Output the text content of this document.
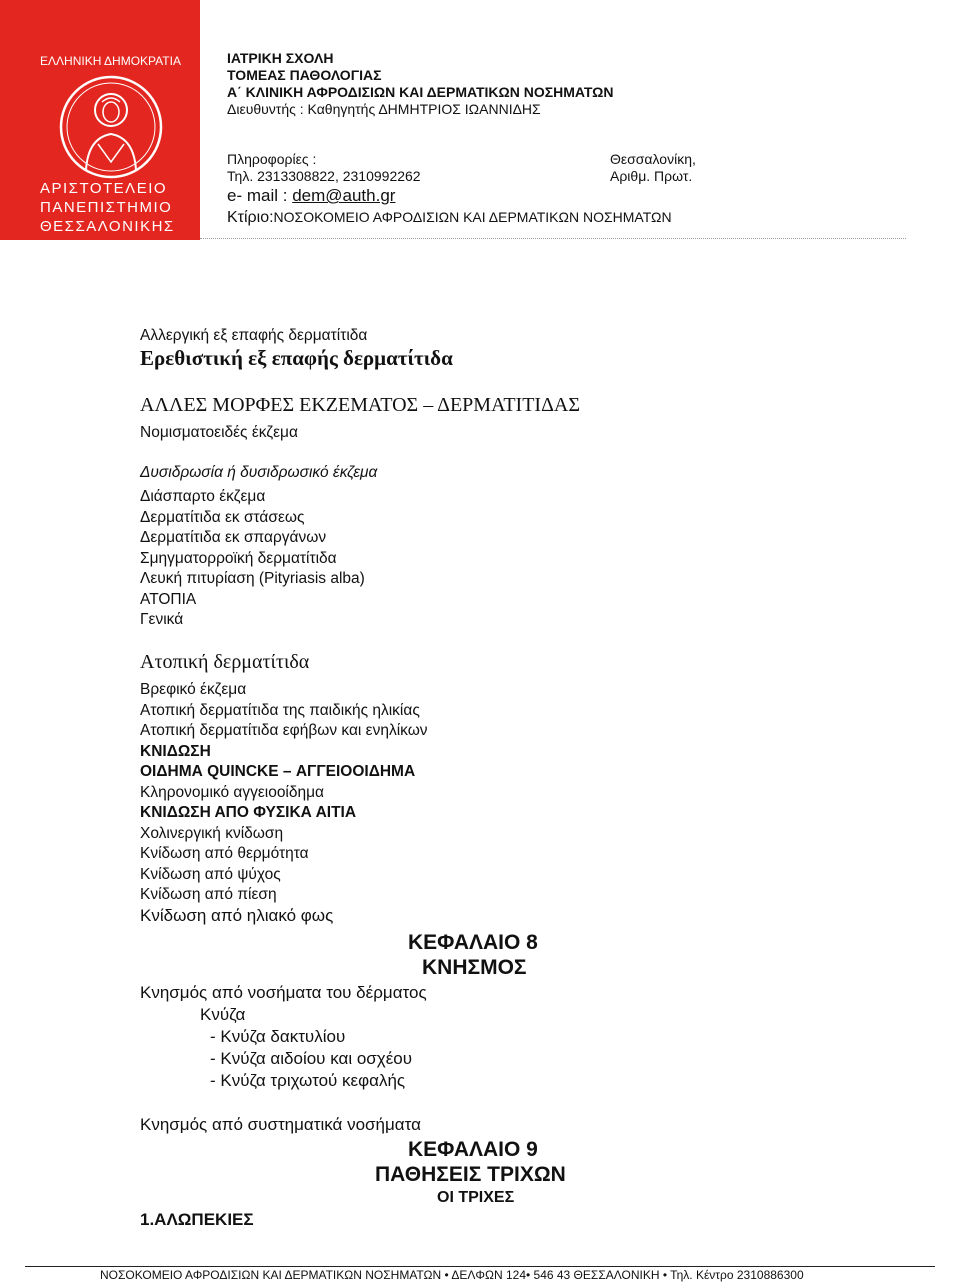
ΕΛΛΗΝΙΚΗ ΔΗΜΟΚΡΑΤΙΑ
ΑΡΙΣΤΟΤΕΛΕΙΟ
ΠΑΝΕΠΙΣΤΗΜΙΟ
ΘΕΣΣΑΛΟΝΙΚΗΣ
ΙΑΤΡΙΚΗ ΣΧΟΛΗ
ΤΟΜΕΑΣ ΠΑΘΟΛΟΓΙΑΣ
Α΄ ΚΛΙΝΙΚΗ ΑΦΡΟΔΙΣΙΩΝ ΚΑΙ ΔΕΡΜΑΤΙΚΩΝ ΝΟΣΗΜΑΤΩΝ
Διευθυντής : Καθηγητής ΔΗΜΗΤΡΙΟΣ ΙΩΑΝΝΙΔΗΣ
Πληροφορίες :
Τηλ. 2313308822, 2310992262
e- mail : dem@auth.gr
Κτίριο:ΝΟΣΟΚΟΜΕΙΟ ΑΦΡΟΔΙΣΙΩΝ ΚΑΙ ΔΕΡΜΑΤΙΚΩΝ ΝΟΣΗΜΑΤΩΝ
Θεσσαλονίκη,
Αριθμ. Πρωτ.
Αλλεργική εξ επαφής δερματίτιδα
Ερεθιστική εξ επαφής δερματίτιδα
ΑΛΛΕΣ ΜΟΡΦΕΣ ΕΚΖΕΜΑΤΟΣ – ΔΕΡΜΑΤΙΤΙΔΑΣ
Νομισματοειδές έκζεμα
Δυσιδρωσία ή δυσιδρωσικό έκζεμα
Διάσπαρτο έκζεμα
Δερματίτιδα εκ στάσεως
Δερματίτιδα εκ σπαργάνων
Σμηγματορροϊκή δερματίτιδα
Λευκή πιτυρίαση (Pityriasis alba)
ΑΤΟΠΙΑ
Γενικά
Ατοπική δερματίτιδα
Βρεφικό έκζεμα
Ατοπική δερματίτιδα της παιδικής ηλικίας
Ατοπική δερματίτιδα εφήβων και ενηλίκων
ΚΝΙΔΩΣΗ
ΟΙΔΗΜΑ QUINCKE – ΑΓΓΕΙΟΟΙΔΗΜΑ
Κληρονομικό αγγειοοίδημα
ΚΝΙΔΩΣΗ ΑΠΟ ΦΥΣΙΚΑ ΑΙΤΙΑ
Χολινεργική κνίδωση
Κνίδωση από θερμότητα
Κνίδωση από ψύχος
Κνίδωση από πίεση
Κνίδωση από ηλιακό φως
ΚΕΦΑΛΑΙΟ 8
ΚΝΗΣΜΟΣ
Κνησμός από νοσήματα του δέρματος
Κνύζα
- Κνύζα δακτυλίου
- Κνύζα αιδοίου και οσχέου
- Κνύζα τριχωτού κεφαλής
Κνησμός από συστηματικά νοσήματα
ΚΕΦΑΛΑΙΟ 9
ΠΑΘΗΣΕΙΣ ΤΡΙΧΩΝ
ΟΙ ΤΡΙΧΕΣ
1.ΑΛΩΠΕΚΙΕΣ
ΝΟΣΟΚΟΜΕΙΟ ΑΦΡΟΔΙΣΙΩΝ ΚΑΙ ΔΕΡΜΑΤΙΚΩΝ ΝΟΣΗΜΑΤΩΝ • ΔΕΛΦΩΝ 124• 546 43 ΘΕΣΣΑΛΟΝΙΚΗ • Τηλ. Κέντρο 2310886300
